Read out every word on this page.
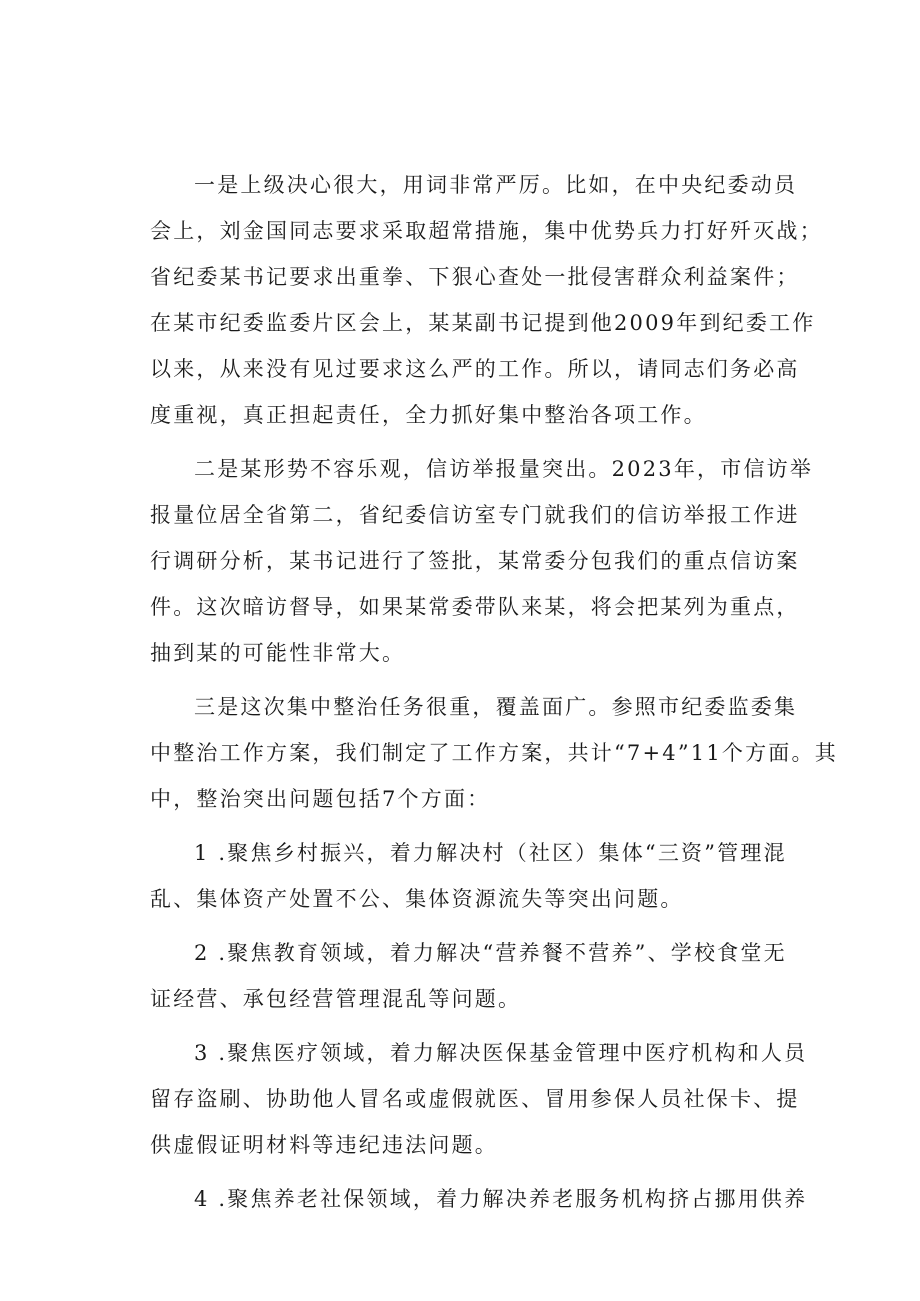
一是上级决心很大，用词非常严厉。比如，在中央纪委动员
会上，刘金国同志要求采取超常措施，集中优势兵力打好歼灭战；
省纪委某书记要求出重拳、下狠心查处一批侵害群众利益案件；
在某市纪委监委片区会上，某某副书记提到他2009年到纪委工作
以来，从来没有见过要求这么严的工作。所以，请同志们务必高
度重视，真正担起责任，全力抓好集中整治各项工作。
二是某形势不容乐观，信访举报量突出。2023年，市信访举
报量位居全省第二，省纪委信访室专门就我们的信访举报工作进
行调研分析，某书记进行了签批，某常委分包我们的重点信访案
件。这次暗访督导，如果某常委带队来某，将会把某列为重点，
抽到某的可能性非常大。
三是这次集中整治任务很重，覆盖面广。参照市纪委监委集
中整治工作方案，我们制定了工作方案，共计“7+4”11个方面。其
中，整治突出问题包括7个方面：
1 .聚焦乡村振兴，着力解决村（社区）集体“三资”管理混
乱、集体资产处置不公、集体资源流失等突出问题。
2 .聚焦教育领域，着力解决“营养餐不营养”、学校食堂无
证经营、承包经营管理混乱等问题。
3 .聚焦医疗领域，着力解决医保基金管理中医疗机构和人员
留存盗刷、协助他人冒名或虚假就医、冒用参保人员社保卡、提
供虚假证明材料等违纪违法问题。
4 .聚焦养老社保领域，着力解决养老服务机构挤占挪用供养
